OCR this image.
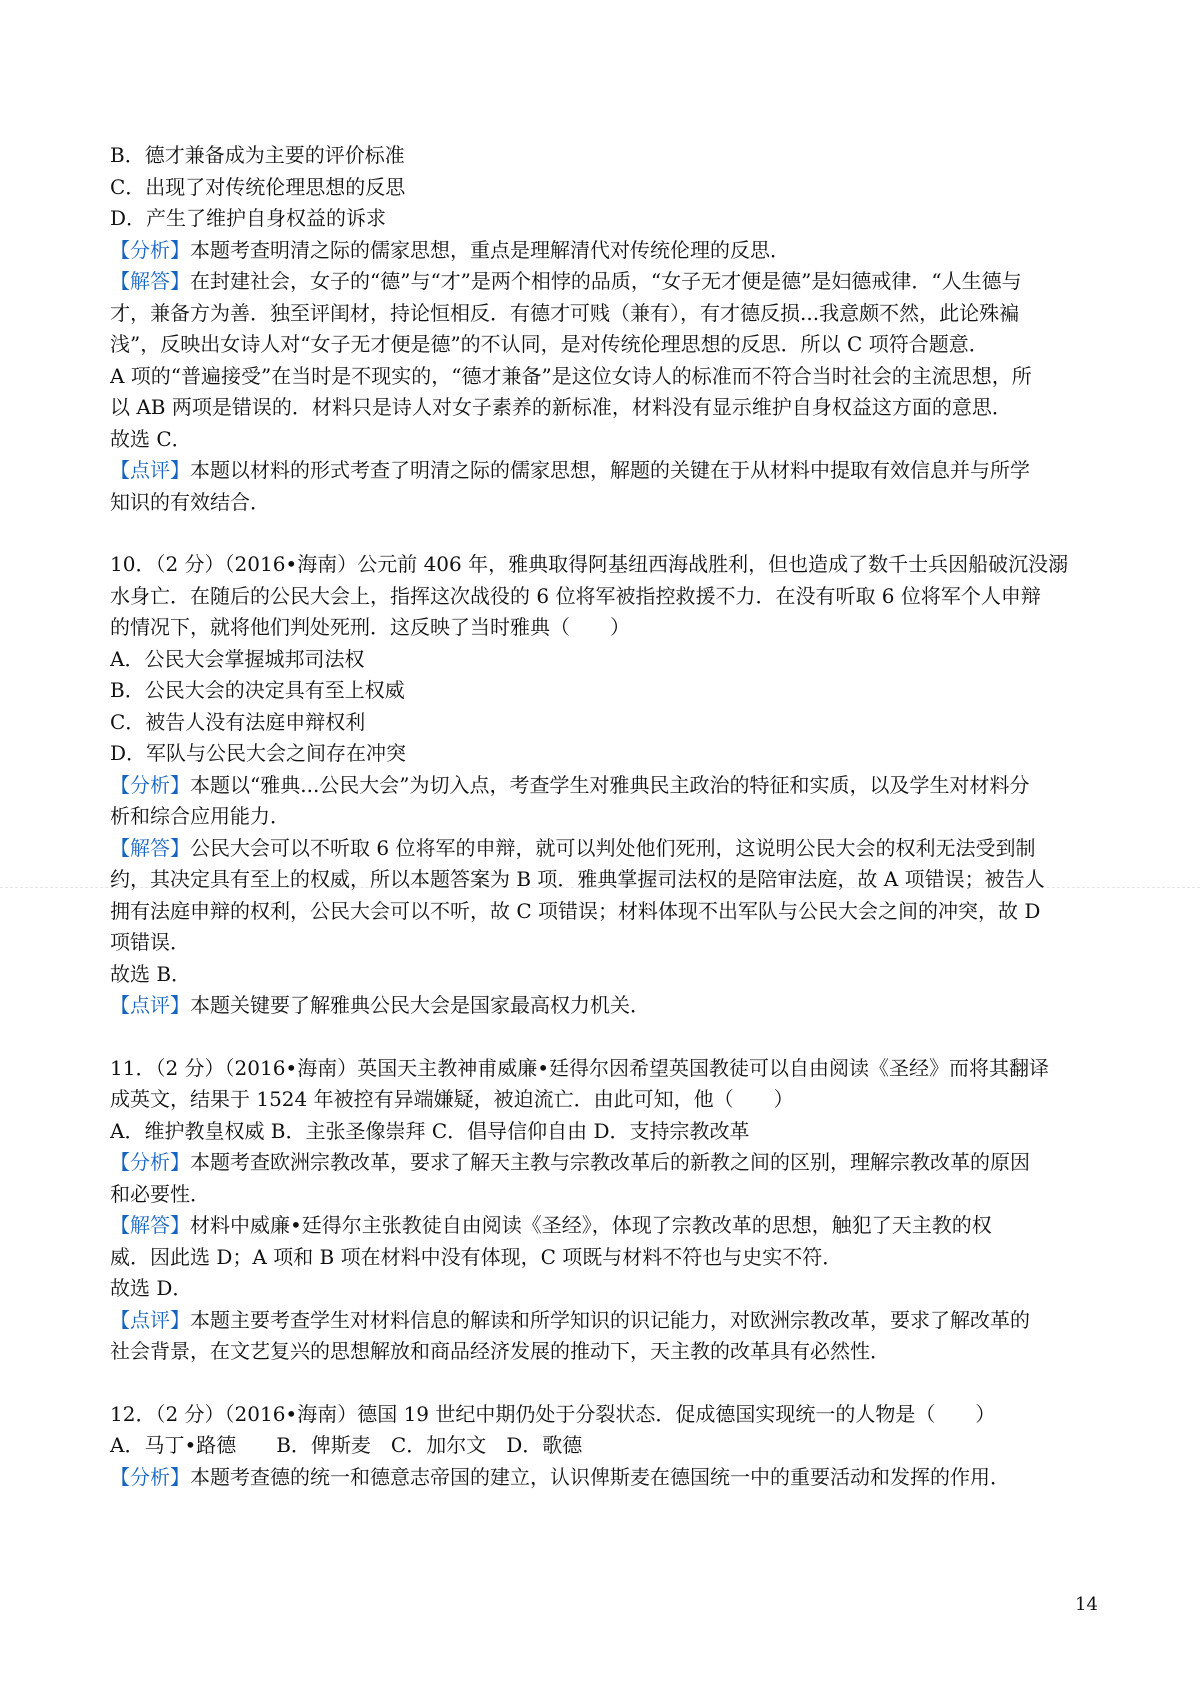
B．德才兼备成为主要的评价标准
C．出现了对传统伦理思想的反思
D．产生了维护自身权益的诉求
【分析】本题考查明清之际的儒家思想，重点是理解清代对传统伦理的反思．
【解答】在封建社会，女子的“德”与“才”是两个相悖的品质，“女子无才便是德”是妇德戒律．“人生德与
才，兼备方为善．独至评闺材，持论恒相反．有德才可贱（兼有），有才德反损...我意颇不然，此论殊褊
浅”，反映出女诗人对“女子无才便是德”的不认同，是对传统伦理思想的反思．所以 C 项符合题意．
A 项的“普遍接受”在当时是不现实的，“德才兼备”是这位女诗人的标准而不符合当时社会的主流思想，所
以 AB 两项是错误的．材料只是诗人对女子素养的新标准，材料没有显示维护自身权益这方面的意思．
故选 C．
【点评】本题以材料的形式考查了明清之际的儒家思想，解题的关键在于从材料中提取有效信息并与所学
知识的有效结合．
10．（2 分）（2016•海南）公元前 406 年，雅典取得阿基纽西海战胜利，但也造成了数千士兵因船破沉没溺
水身亡．在随后的公民大会上，指挥这次战役的 6 位将军被指控救援不力．在没有听取 6 位将军个人申辩
的情况下，就将他们判处死刑．这反映了当时雅典（　　）
A．公民大会掌握城邦司法权
B．公民大会的决定具有至上权威
C．被告人没有法庭申辩权利
D．军队与公民大会之间存在冲突
【分析】本题以“雅典...公民大会”为切入点，考查学生对雅典民主政治的特征和实质，以及学生对材料分
析和综合应用能力．
【解答】公民大会可以不听取 6 位将军的申辩，就可以判处他们死刑，这说明公民大会的权利无法受到制
约，其决定具有至上的权威，所以本题答案为 B 项．雅典掌握司法权的是陪审法庭，故 A 项错误；被告人
拥有法庭申辩的权利，公民大会可以不听，故 C 项错误；材料体现不出军队与公民大会之间的冲突，故 D
项错误．
故选 B．
【点评】本题关键要了解雅典公民大会是国家最高权力机关．
11．（2 分）（2016•海南）英国天主教神甫威廉•廷得尔因希望英国教徒可以自由阅读《圣经》而将其翻译
成英文，结果于 1524 年被控有异端嫌疑，被迫流亡．由此可知，他（　　）
A．维护教皇权威 B．主张圣像崇拜 C．倡导信仰自由 D．支持宗教改革
【分析】本题考查欧洲宗教改革，要求了解天主教与宗教改革后的新教之间的区别，理解宗教改革的原因
和必要性．
【解答】材料中威廉•廷得尔主张教徒自由阅读《圣经》，体现了宗教改革的思想，触犯了天主教的权
威．因此选 D；A 项和 B 项在材料中没有体现，C 项既与材料不符也与史实不符．
故选 D．
【点评】本题主要考查学生对材料信息的解读和所学知识的识记能力，对欧洲宗教改革，要求了解改革的
社会背景，在文艺复兴的思想解放和商品经济发展的推动下，天主教的改革具有必然性．
12．（2 分）（2016•海南）德国 19 世纪中期仍处于分裂状态．促成德国实现统一的人物是（　　）
A．马丁•路德　　B．俾斯麦　C．加尔文　D．歌德
【分析】本题考查德的统一和德意志帝国的建立，认识俾斯麦在德国统一中的重要活动和发挥的作用．
14
